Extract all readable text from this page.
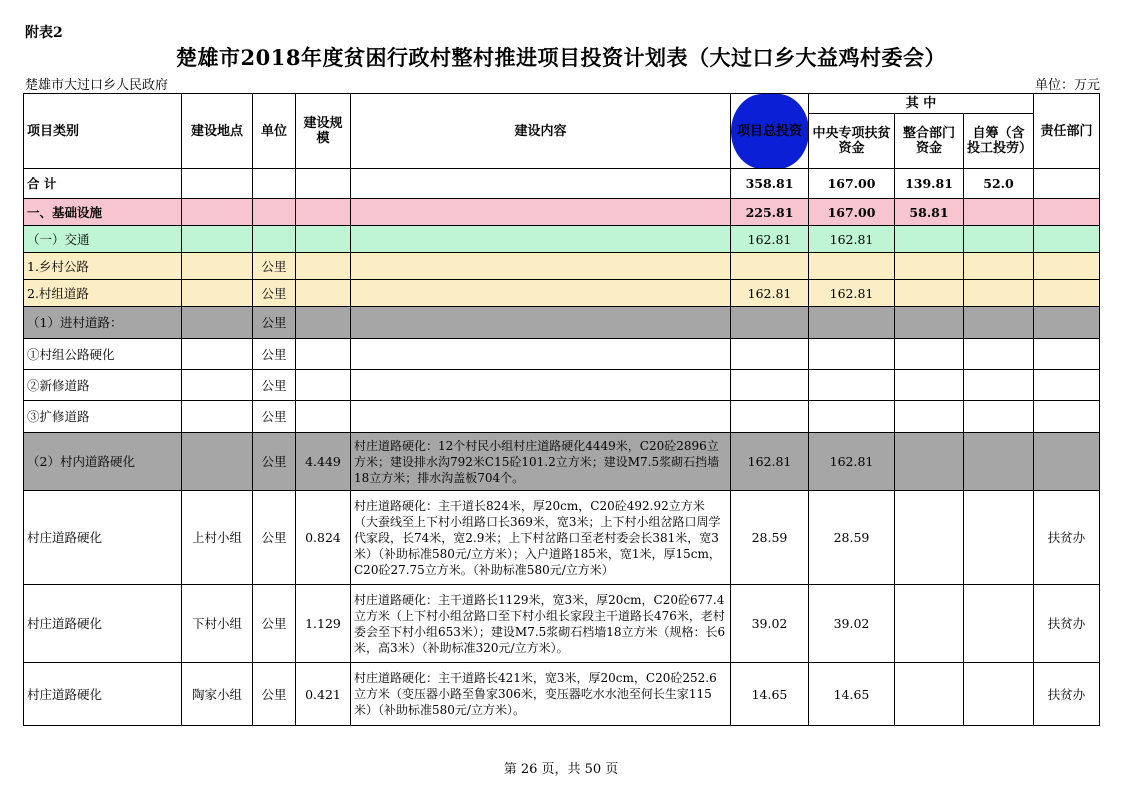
附表2
楚雄市2018年度贫困行政村整村推进项目投资计划表（大过口乡大益鸡村委会）
楚雄市大过口乡人民政府	单位：万元
项目类别	建设地点	单位	建设规模	建设内容	项目总投资	其 中			责任部门
						中央专项扶贫资金	整合部门资金	自筹（含投工投劳）	
合 计					358.81	167.00	139.81	52.0	
一、基础设施					225.81	167.00	58.81		
（一）交通					162.81	162.81			
1.乡村公路		公里							
2.村组道路		公里			162.81	162.81			
（1）进村道路：		公里							
①村组公路硬化		公里							
②新修道路		公里							
③扩修道路		公里							
（2）村内道路硬化		公里	4.449	村庄道路硬化：12个村民小组村庄道路硬化4449米，C20砼2896立方米；建设排水沟792米C15砼101.2立方米；建设M7.5浆砌石挡墙18立方米；排水沟盖板704个。	162.81	162.81			
村庄道路硬化	上村小组	公里	0.824	村庄道路硬化：主干道长824米，厚20cm，C20砼492.92立方米（大蚕线至上下村小组路口长369米，宽3米；上下村小组岔路口周学代家段，长74米，宽2.9米；上下村岔路口至老村委会长381米，宽3米）（补助标准580元/立方米）；入户道路185米，宽1米，厚15cm，C20砼27.75立方米。（补助标准580元/立方米）	28.59	28.59			扶贫办
村庄道路硬化	下村小组	公里	1.129	村庄道路硬化：主干道路长1129米，宽3米，厚20cm，C20砼677.4立方米（上下村小组岔路口至下村小组长家段主干道路长476米，老村委会至下村小组653米）；建设M7.5浆砌石档墙18立方米（规格：长6米，高3米）（补助标准320元/立方米）。	39.02	39.02			扶贫办
村庄道路硬化	陶家小组	公里	0.421	村庄道路硬化：主干道路长421米，宽3米，厚20cm，C20砼252.6立方米（变压器小路至鲁家306米，变压器吃水水池至何长生家115米）（补助标准580元/立方米）。	14.65	14.65			扶贫办
第 26 页，共 50 页
